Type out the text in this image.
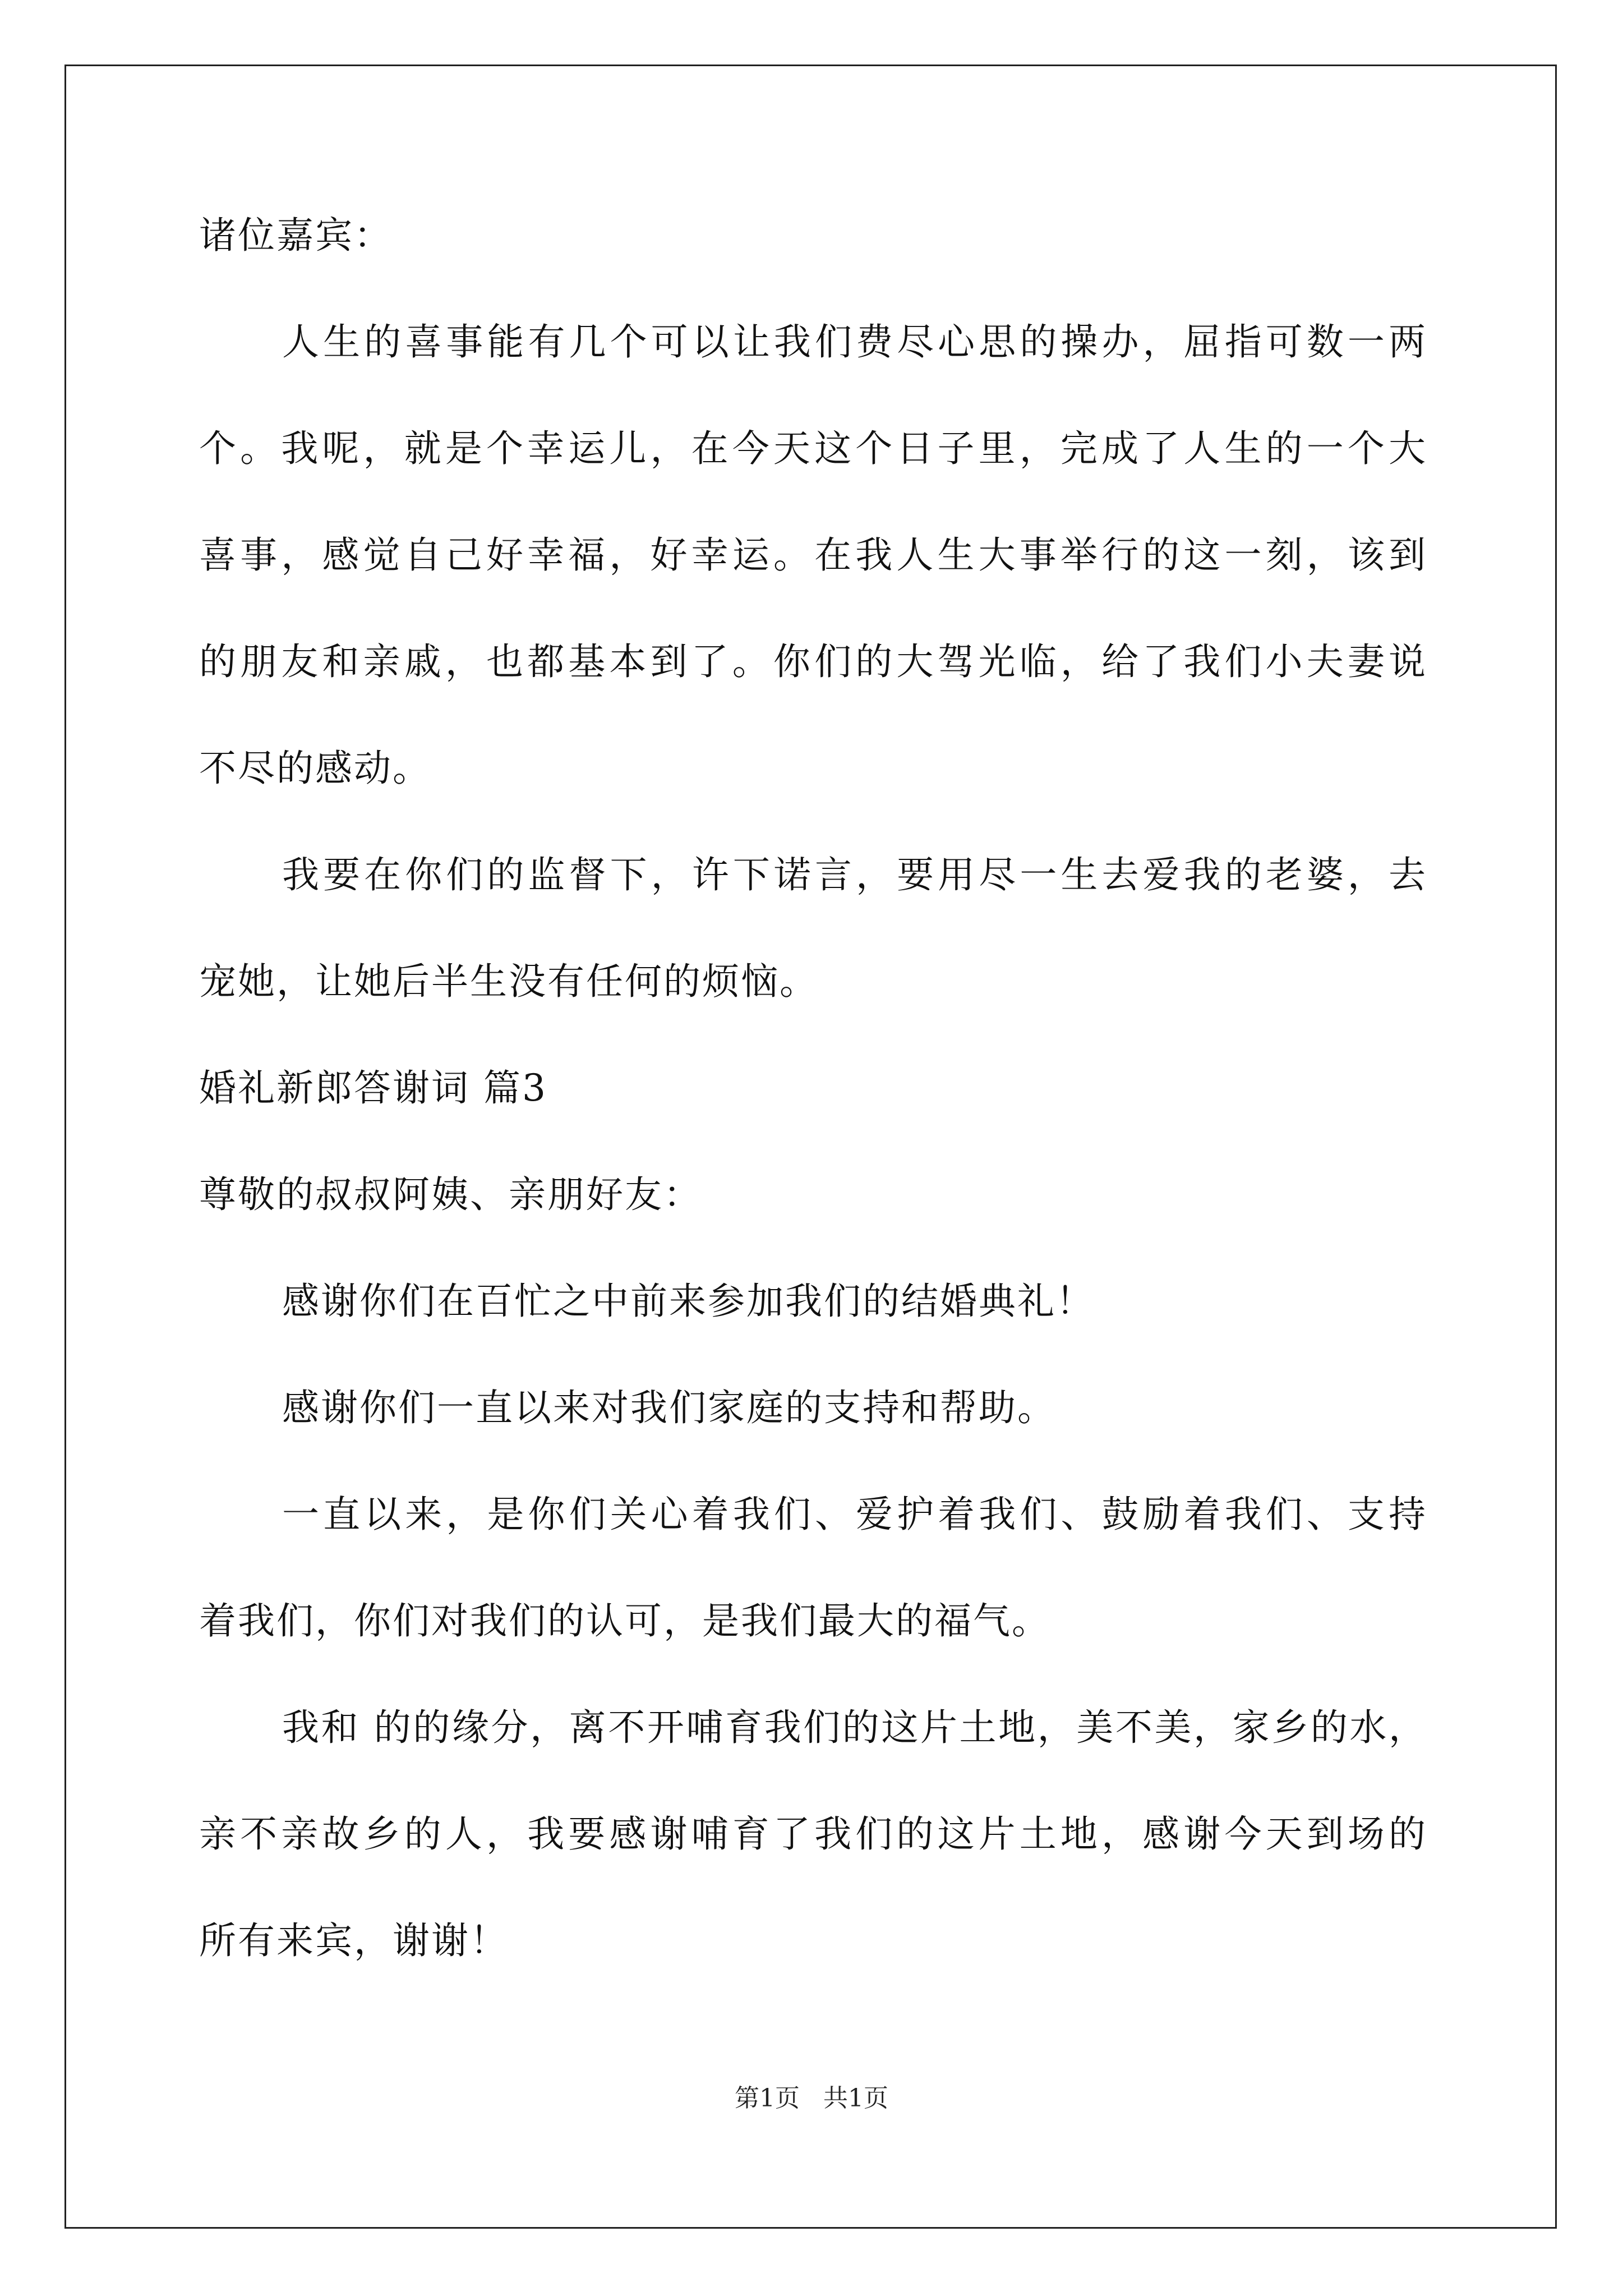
诸位嘉宾：
人生的喜事能有几个可以让我们费尽心思的操办，屈指可数一两
个。我呢，就是个幸运儿，在今天这个日子里，完成了人生的一个大
喜事，感觉自己好幸福，好幸运。在我人生大事举行的这一刻，该到
的朋友和亲戚，也都基本到了。你们的大驾光临，给了我们小夫妻说
不尽的感动。
我要在你们的监督下，许下诺言，要用尽一生去爱我的老婆，去
宠她，让她后半生没有任何的烦恼。
婚礼新郎答谢词 篇3
尊敬的叔叔阿姨、亲朋好友：
感谢你们在百忙之中前来参加我们的结婚典礼！
感谢你们一直以来对我们家庭的支持和帮助。
一直以来，是你们关心着我们、爱护着我们、鼓励着我们、支持
着我们，你们对我们的认可，是我们最大的福气。
我和 的的缘分，离不开哺育我们的这片土地，美不美，家乡的水，
亲不亲故乡的人，我要感谢哺育了我们的这片土地，感谢今天到场的
所有来宾，谢谢！
第1页 共1页
